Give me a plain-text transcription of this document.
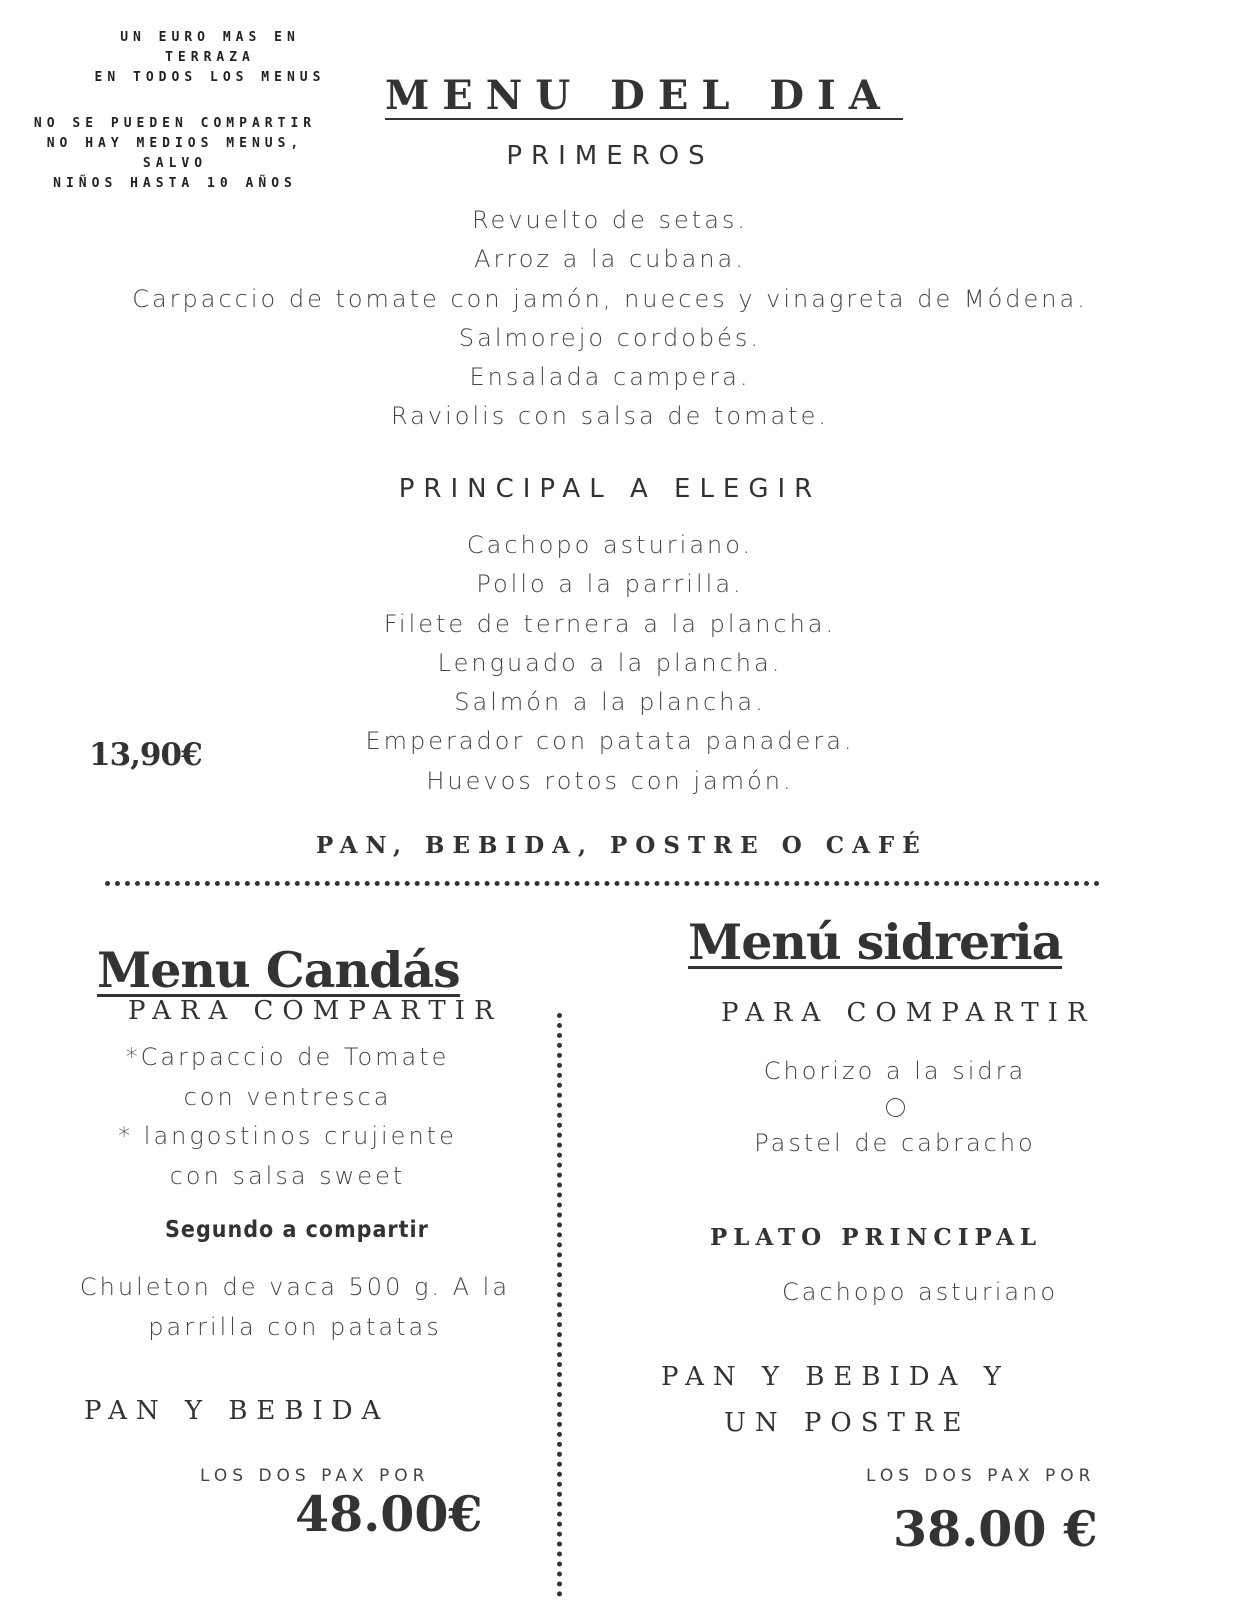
UN EURO MAS EN TERRAZA
EN TODOS LOS MENUS
NO SE PUEDEN COMPARTIR
NO HAY MEDIOS MENUS, SALVO
NIÑOS HASTA 10 AÑOS
MENU DEL DIA
PRIMEROS
Revuelto de setas.
Arroz a la cubana.
Carpaccio de tomate con jamón, nueces y vinagreta de Módena.
Salmorejo cordobés.
Ensalada campera.
Raviolis con salsa de tomate.
PRINCIPAL A ELEGIR
Cachopo asturiano.
Pollo a la parrilla.
Filete de ternera a la plancha.
Lenguado a la plancha.
Salmón a la plancha.
Emperador con patata panadera.
Huevos rotos con jamón.
13,90€
PAN, BEBIDA, POSTRE O CAFÉ
Menu Candás
PARA COMPARTIR
*Carpaccio de Tomate
con ventresca
* langostinos crujiente
con salsa sweet
Segundo a compartir
Chuleton de vaca 500 g. A la
parrilla con patatas
PAN Y BEBIDA
LOS DOS PAX POR
48.00€
Menú sidreria
PARA COMPARTIR
Chorizo a la sidra
Pastel de cabracho
PLATO PRINCIPAL
Cachopo asturiano
PAN Y BEBIDA Y
UN POSTRE
LOS DOS PAX POR
38.00 €
